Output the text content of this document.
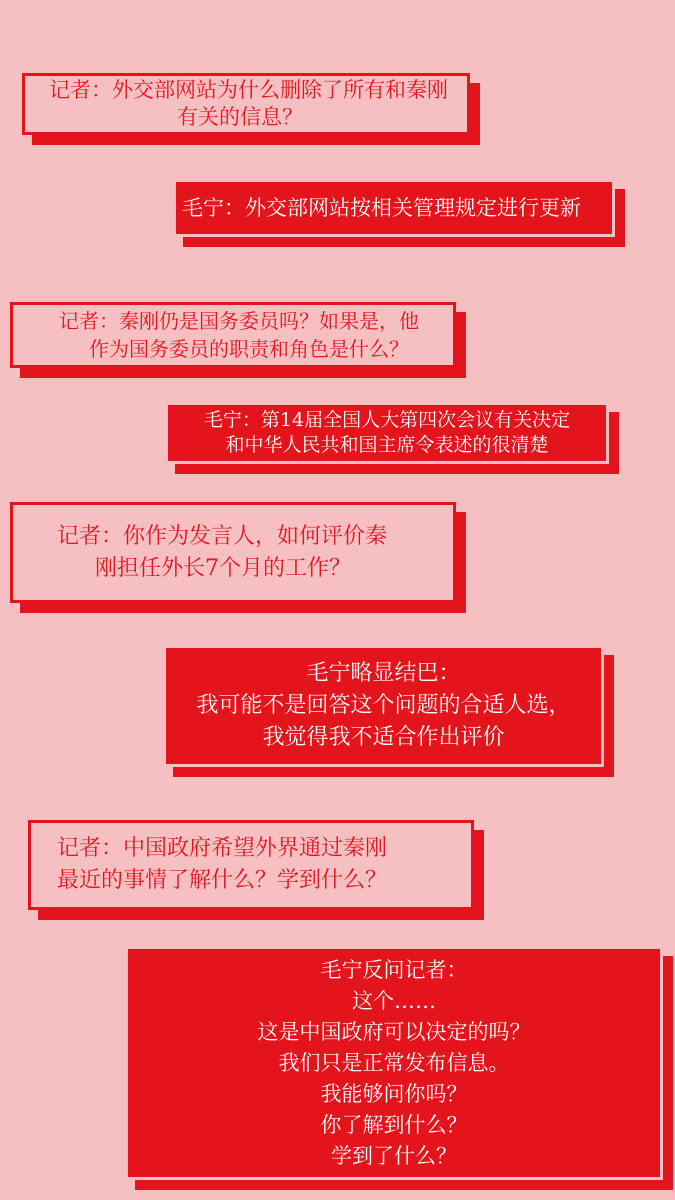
记者：外交部网站为什么删除了所有和秦刚
有关的信息？
毛宁：外交部网站按相关管理规定进行更新
记者：秦刚仍是国务委员吗？如果是，他
作为国务委员的职责和角色是什么？
毛宁：第14届全国人大第四次会议有关决定
和中华人民共和国主席令表述的很清楚
记者：你作为发言人，如何评价秦
刚担任外长7个月的工作？
毛宁略显结巴：
我可能不是回答这个问题的合适人选，
我觉得我不适合作出评价
记者：中国政府希望外界通过秦刚
最近的事情了解什么？学到什么？
毛宁反问记者：
这个……
这是中国政府可以决定的吗？
我们只是正常发布信息。
我能够问你吗？
你了解到什么？
学到了什么？
